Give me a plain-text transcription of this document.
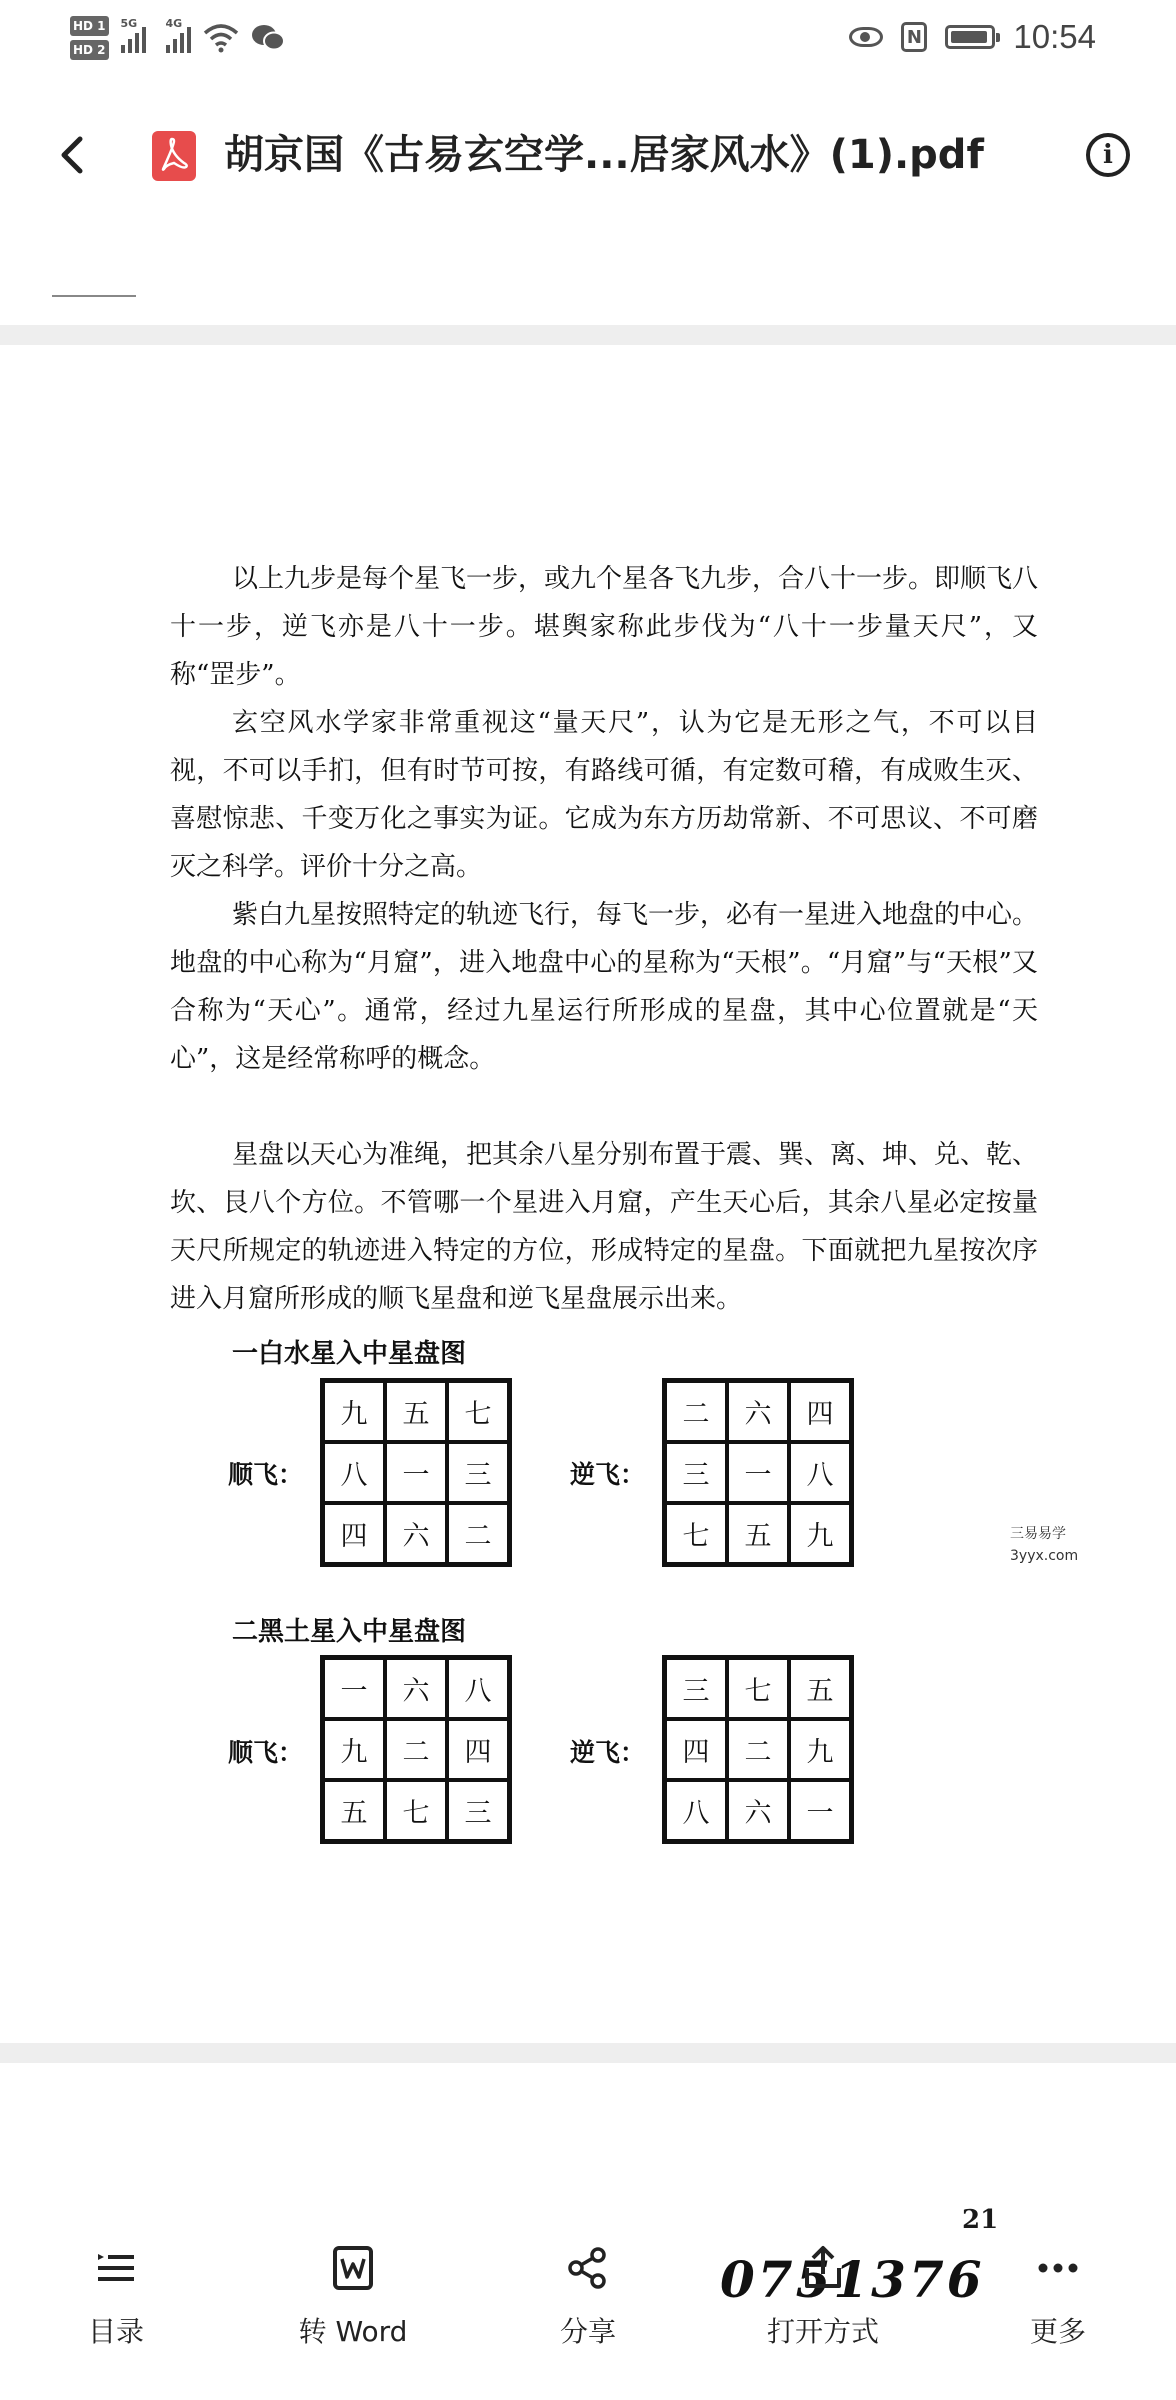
HD 1
HD 2
5G	4G
N	10:54
胡京国《古易玄空学...居家风水》(1).pdf	i

以上九步是每个星飞一步，或九个星各飞九步，合八十一步。即顺飞八十一步，逆飞亦是八十一步。堪舆家称此步伐为“八十一步量天尺”，又称“罡步”。

玄空风水学家非常重视这“量天尺”，认为它是无形之气，不可以目视，不可以手扪，但有时节可按，有路线可循，有定数可稽，有成败生灭、喜慰惊悲、千变万化之事实为证。它成为东方历劫常新、不可思议、不可磨灭之科学。评价十分之高。

紫白九星按照特定的轨迹飞行，每飞一步，必有一星进入地盘的中心。地盘的中心称为“月窟”，进入地盘中心的星称为“天根”。“月窟”与“天根”又合称为“天心”。通常，经过九星运行所形成的星盘，其中心位置就是“天心”，这是经常称呼的概念。

星盘以天心为准绳，把其余八星分别布置于震、巽、离、坤、兑、乾、坎、艮八个方位。不管哪一个星进入月窟，产生天心后，其余八星必定按量天尺所规定的轨迹进入特定的方位，形成特定的星盘。下面就把九星按次序进入月窟所形成的顺飞星盘和逆飞星盘展示出来。

三易易学
3yyx.com
一白水星入中星盘图
顺飞：
九	五	七
八	一	三
四	六	二
逆飞：
二	六	四
三	一	八
七	五	九
二黑土星入中星盘图
顺飞：
一	六	八
九	二	四
五	七	三
逆飞：
三	七	五
四	二	九
八	六	一
21
0751376
目录	转 Word	分享	打开方式	更多
